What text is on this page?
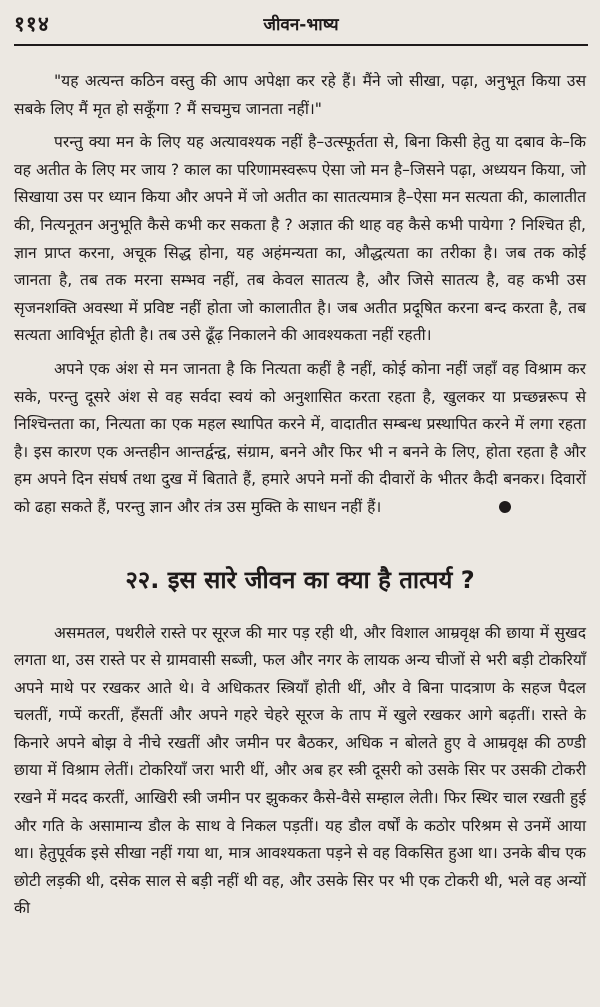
११४	जीवन-भाष्य

"यह अत्यन्त कठिन वस्तु की आप अपेक्षा कर रहे हैं। मैंने जो सीखा, पढ़ा, अनुभूत किया उस सबके लिए मैं मृत हो सकूँगा ? मैं सचमुच जानता नहीं।"

परन्तु क्या मन के लिए यह अत्यावश्यक नहीं है–उत्स्फूर्तता से, बिना किसी हेतु या दबाव के–कि वह अतीत के लिए मर जाय ? काल का परिणामस्वरूप ऐसा जो मन है–जिसने पढ़ा, अध्ययन किया, जो सिखाया उस पर ध्यान किया और अपने में जो अतीत का सातत्यमात्र है–ऐसा मन सत्यता की, कालातीत की, नित्यनूतन अनुभूति कैसे कभी कर सकता है ? अज्ञात की थाह वह कैसे कभी पायेगा ? निश्चित ही, ज्ञान प्राप्त करना, अचूक सिद्ध होना, यह अहंमन्यता का, औद्धत्यता का तरीका है। जब तक कोई जानता है, तब तक मरना सम्भव नहीं, तब केवल सातत्य है, और जिसे सातत्य है, वह कभी उस सृजनशक्ति अवस्था में प्रविष्ट नहीं होता जो कालातीत है। जब अतीत प्रदूषित करना बन्द करता है, तब सत्यता आविर्भूत होती है। तब उसे ढूँढ़ निकालने की आवश्यकता नहीं रहती।

अपने एक अंश से मन जानता है कि नित्यता कहीं है नहीं, कोई कोना नहीं जहाँ वह विश्राम कर सके, परन्तु दूसरे अंश से वह सर्वदा स्वयं को अनुशासित करता रहता है, खुलकर या प्रच्छन्नरूप से निश्चिन्तता का, नित्यता का एक महल स्थापित करने में, वादातीत सम्बन्ध प्रस्थापित करने में लगा रहता है। इस कारण एक अन्तहीन आन्तर्द्वन्द्व, संग्राम, बनने और फिर भी न बनने के लिए, होता रहता है और हम अपने दिन संघर्ष तथा दुख में बिताते हैं, हमारे अपने मनों की दीवारों के भीतर कैदी बनकर। दिवारों को ढहा सकते हैं, परन्तु ज्ञान और तंत्र उस मुक्ति के साधन नहीं हैं।

२२. इस सारे जीवन का क्या है तात्पर्य ?

असमतल, पथरीले रास्ते पर सूरज की मार पड़ रही थी, और विशाल आम्रवृक्ष की छाया में सुखद लगता था, उस रास्ते पर से ग्रामवासी सब्जी, फल और नगर के लायक अन्य चीजों से भरी बड़ी टोकरियाँ अपने माथे पर रखकर आते थे। वे अधिकतर स्त्रियाँ होती थीं, और वे बिना पादत्राण के सहज पैदल चलतीं, गप्पें करतीं, हँसतीं और अपने गहरे चेहरे सूरज के ताप में खुले रखकर आगे बढ़तीं। रास्ते के किनारे अपने बोझ वे नीचे रखतीं और जमीन पर बैठकर, अधिक न बोलते हुए वे आम्रवृक्ष की ठण्डी छाया में विश्राम लेतीं। टोकरियाँ जरा भारी थीं, और अब हर स्त्री दूसरी को उसके सिर पर उसकी टोकरी रखने में मदद करतीं, आखिरी स्त्री जमीन पर झुककर कैसे-वैसे सम्हाल लेती। फिर स्थिर चाल रखती हुई और गति के असामान्य डौल के साथ वे निकल पड़तीं। यह डौल वर्षों के कठोर परिश्रम से उनमें आया था। हेतुपूर्वक इसे सीखा नहीं गया था, मात्र आवश्यकता पड़ने से वह विकसित हुआ था। उनके बीच एक छोटी लड़की थी, दसेक साल से बड़ी नहीं थी वह, और उसके सिर पर भी एक टोकरी थी, भले वह अन्यों की
